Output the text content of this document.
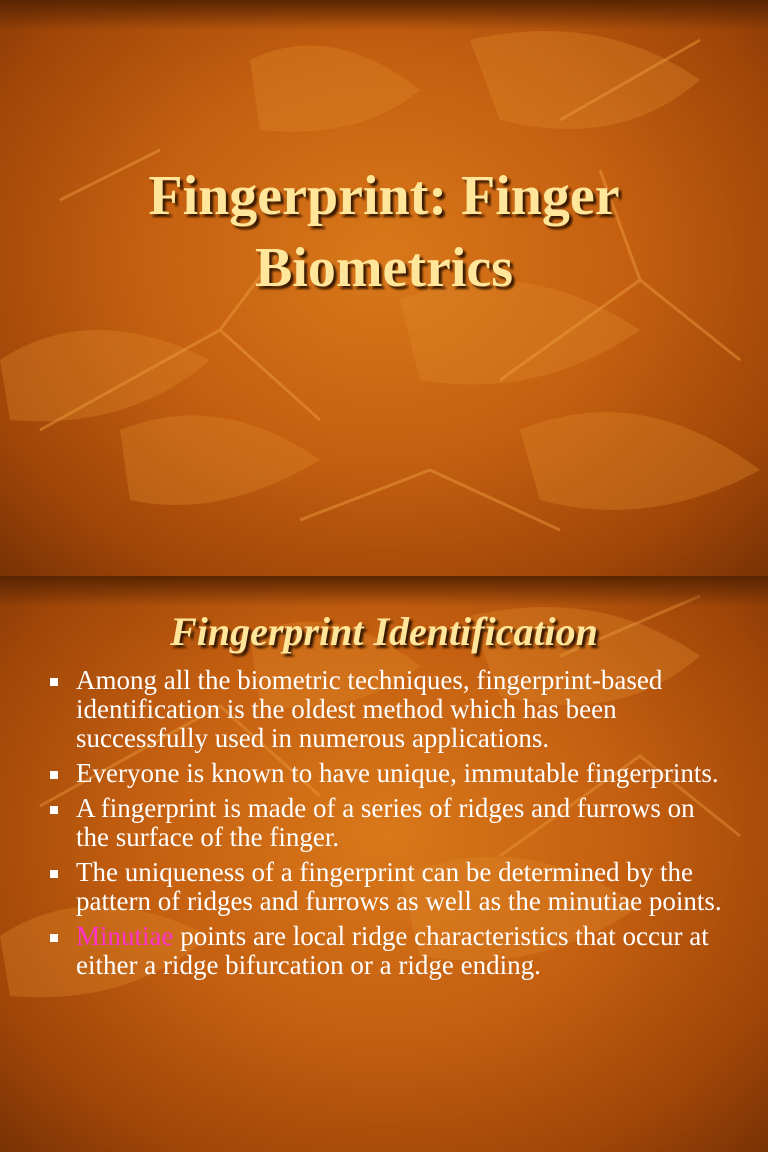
Fingerprint: Finger
Biometrics
Fingerprint Identification
Among all the biometric techniques, fingerprint-based identification is the oldest method which has been successfully used in numerous applications.
Everyone is known to have unique, immutable fingerprints.
A fingerprint is made of a series of ridges and furrows on the surface of the finger.
The uniqueness of a fingerprint can be determined by the pattern of ridges and furrows as well as the minutiae points.
Minutiae points are local ridge characteristics that occur at either a ridge bifurcation or a ridge ending.
